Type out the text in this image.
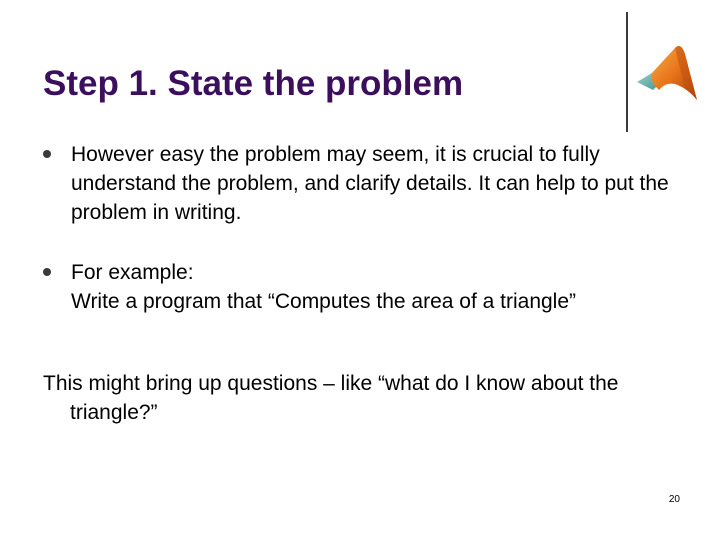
Step 1. State the problem
However easy the problem may seem, it is crucial to fully understand the problem, and clarify details. It can help to put the problem in writing.
For example:
Write a program that “Computes the area of a triangle”

This might bring up questions – like “what do I know about the triangle?”

20
